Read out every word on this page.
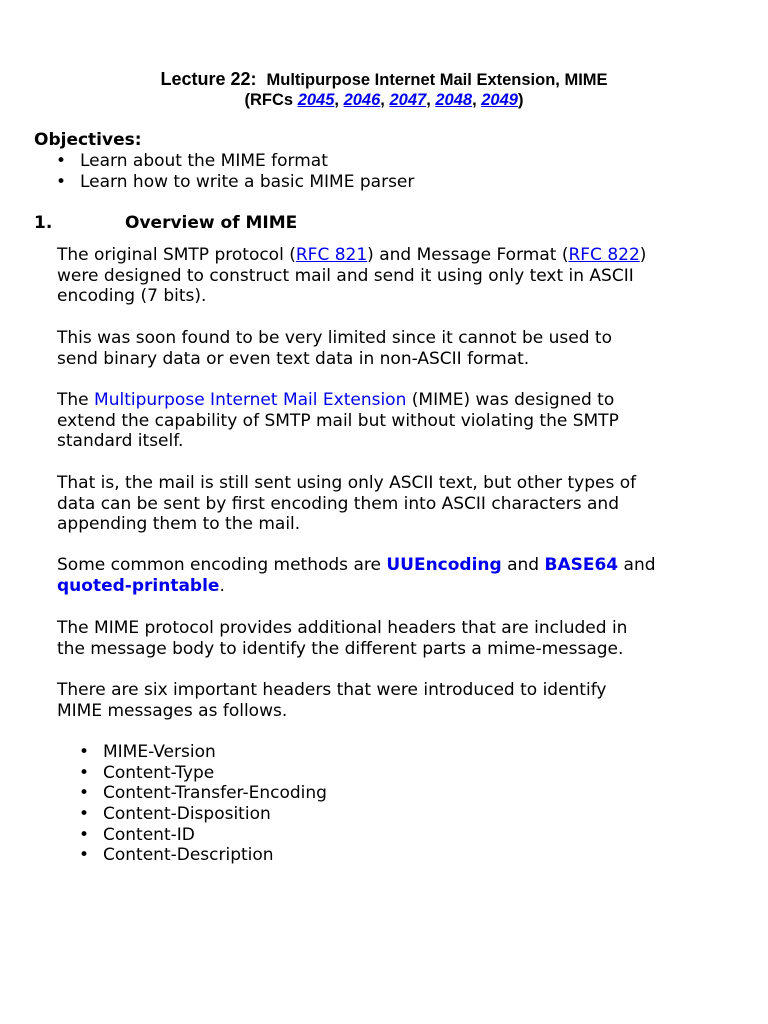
Lecture 22: Multipurpose Internet Mail Extension, MIME
(RFCs 2045, 2046, 2047, 2048, 2049)
Objectives:
• Learn about the MIME format
• Learn how to write a basic MIME parser
1.	Overview of MIME
The original SMTP protocol (RFC 821) and Message Format (RFC 822)
were designed to construct mail and send it using only text in ASCII
encoding (7 bits).
This was soon found to be very limited since it cannot be used to
send binary data or even text data in non-ASCII format.
The Multipurpose Internet Mail Extension (MIME) was designed to
extend the capability of SMTP mail but without violating the SMTP
standard itself.
That is, the mail is still sent using only ASCII text, but other types of
data can be sent by first encoding them into ASCII characters and
appending them to the mail.
Some common encoding methods are UUEncoding and BASE64 and
quoted-printable.
The MIME protocol provides additional headers that are included in
the message body to identify the different parts a mime-message.
There are six important headers that were introduced to identify
MIME messages as follows.
• MIME-Version
• Content-Type
• Content-Transfer-Encoding
• Content-Disposition
• Content-ID
• Content-Description
